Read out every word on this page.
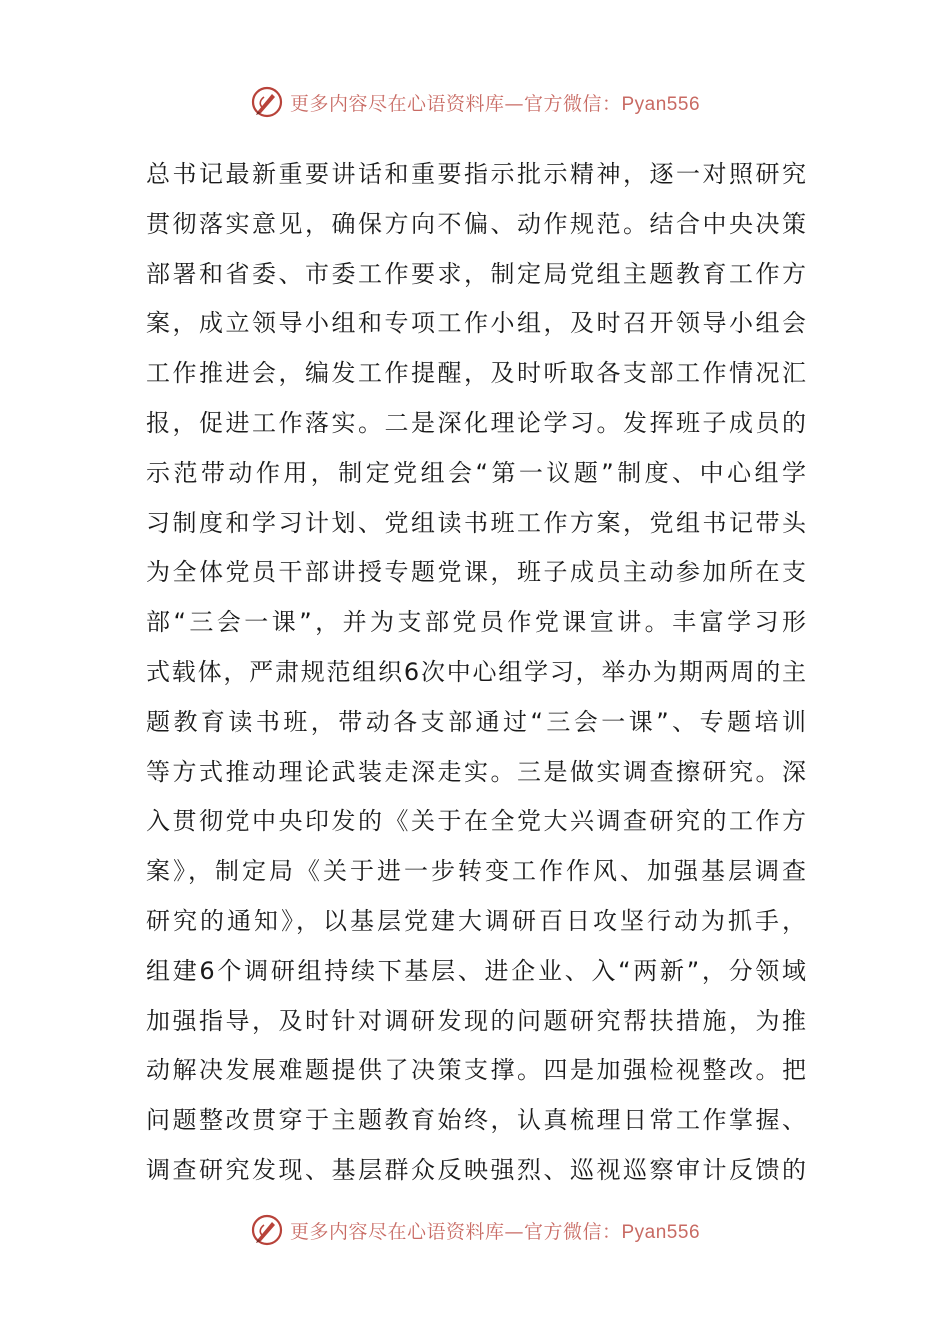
更多内容尽在心语资料库—官方微信：Pyan556
总书记最新重要讲话和重要指示批示精神，逐一对照研究
贯彻落实意见，确保方向不偏、动作规范。结合中央决策
部署和省委、市委工作要求，制定局党组主题教育工作方
案，成立领导小组和专项工作小组，及时召开领导小组会
工作推进会，编发工作提醒，及时听取各支部工作情况汇
报，促进工作落实。二是深化理论学习。发挥班子成员的
示范带动作用，制定党组会“第一议题”制度、中心组学
习制度和学习计划、党组读书班工作方案，党组书记带头
为全体党员干部讲授专题党课，班子成员主动参加所在支
部“三会一课”，并为支部党员作党课宣讲。丰富学习形
式载体，严肃规范组织6次中心组学习，举办为期两周的主
题教育读书班，带动各支部通过“三会一课”、专题培训
等方式推动理论武装走深走实。三是做实调查擦研究。深
入贯彻党中央印发的《关于在全党大兴调查研究的工作方
案》，制定局《关于进一步转变工作作风、加强基层调查
研究的通知》，以基层党建大调研百日攻坚行动为抓手，
组建6个调研组持续下基层、进企业、入“两新”，分领域
加强指导，及时针对调研发现的问题研究帮扶措施，为推
动解决发展难题提供了决策支撑。四是加强检视整改。把
问题整改贯穿于主题教育始终，认真梳理日常工作掌握、
调查研究发现、基层群众反映强烈、巡视巡察审计反馈的
更多内容尽在心语资料库—官方微信：Pyan556
